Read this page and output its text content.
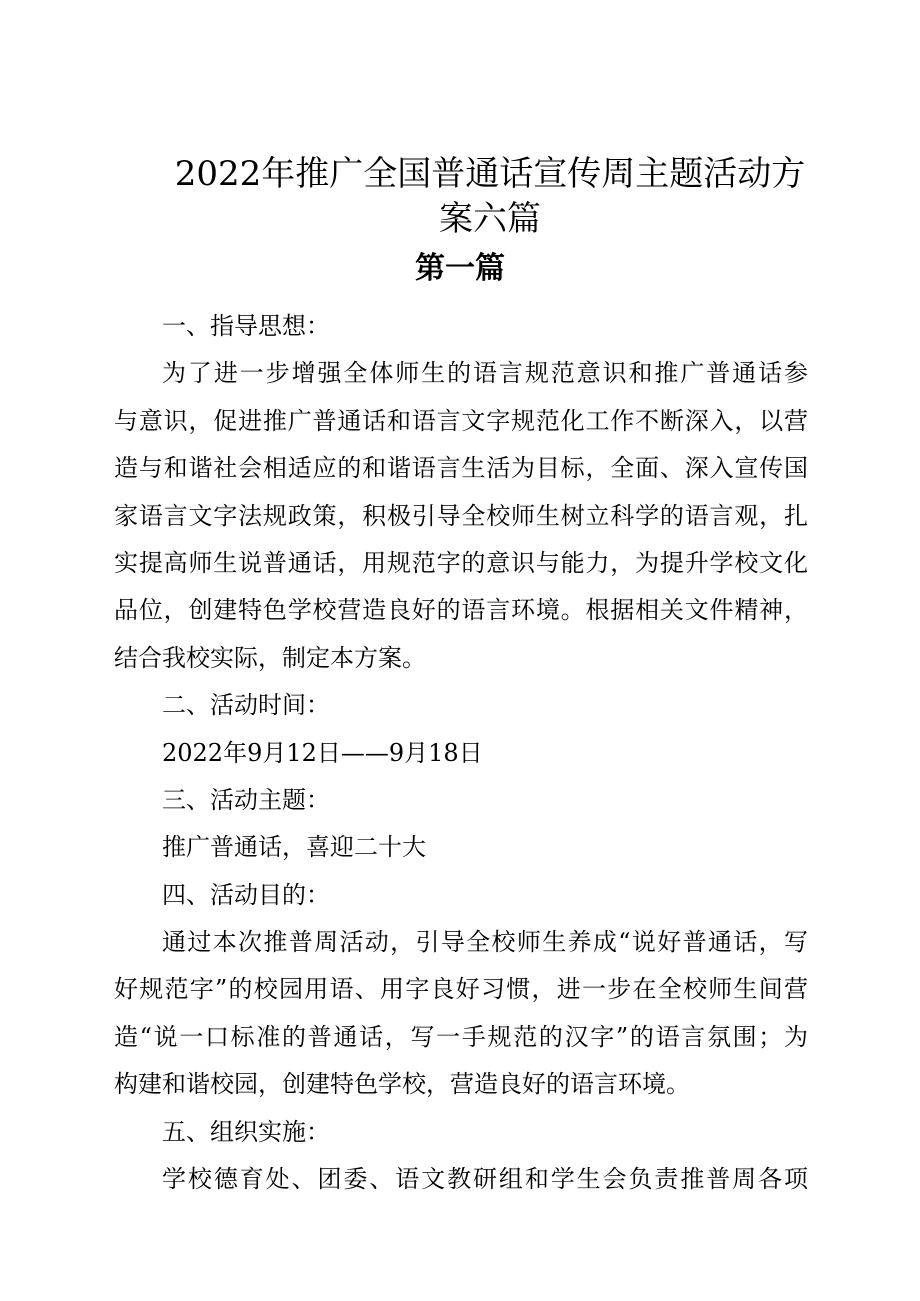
2022年推广全国普通话宣传周主题活动方
案六篇
第一篇
一、指导思想：
为了进一步增强全体师生的语言规范意识和推广普通话参
与意识，促进推广普通话和语言文字规范化工作不断深入，以营
造与和谐社会相适应的和谐语言生活为目标，全面、深入宣传国
家语言文字法规政策，积极引导全校师生树立科学的语言观，扎
实提高师生说普通话，用规范字的意识与能力，为提升学校文化
品位，创建特色学校营造良好的语言环境。根据相关文件精神，
结合我校实际，制定本方案。
二、活动时间：
2022年9月12日——9月18日
三、活动主题：
推广普通话，喜迎二十大
四、活动目的：
通过本次推普周活动，引导全校师生养成“说好普通话，写
好规范字”的校园用语、用字良好习惯，进一步在全校师生间营
造“说一口标准的普通话，写一手规范的汉字”的语言氛围；为
构建和谐校园，创建特色学校，营造良好的语言环境。
五、组织实施：
学校德育处、团委、语文教研组和学生会负责推普周各项
